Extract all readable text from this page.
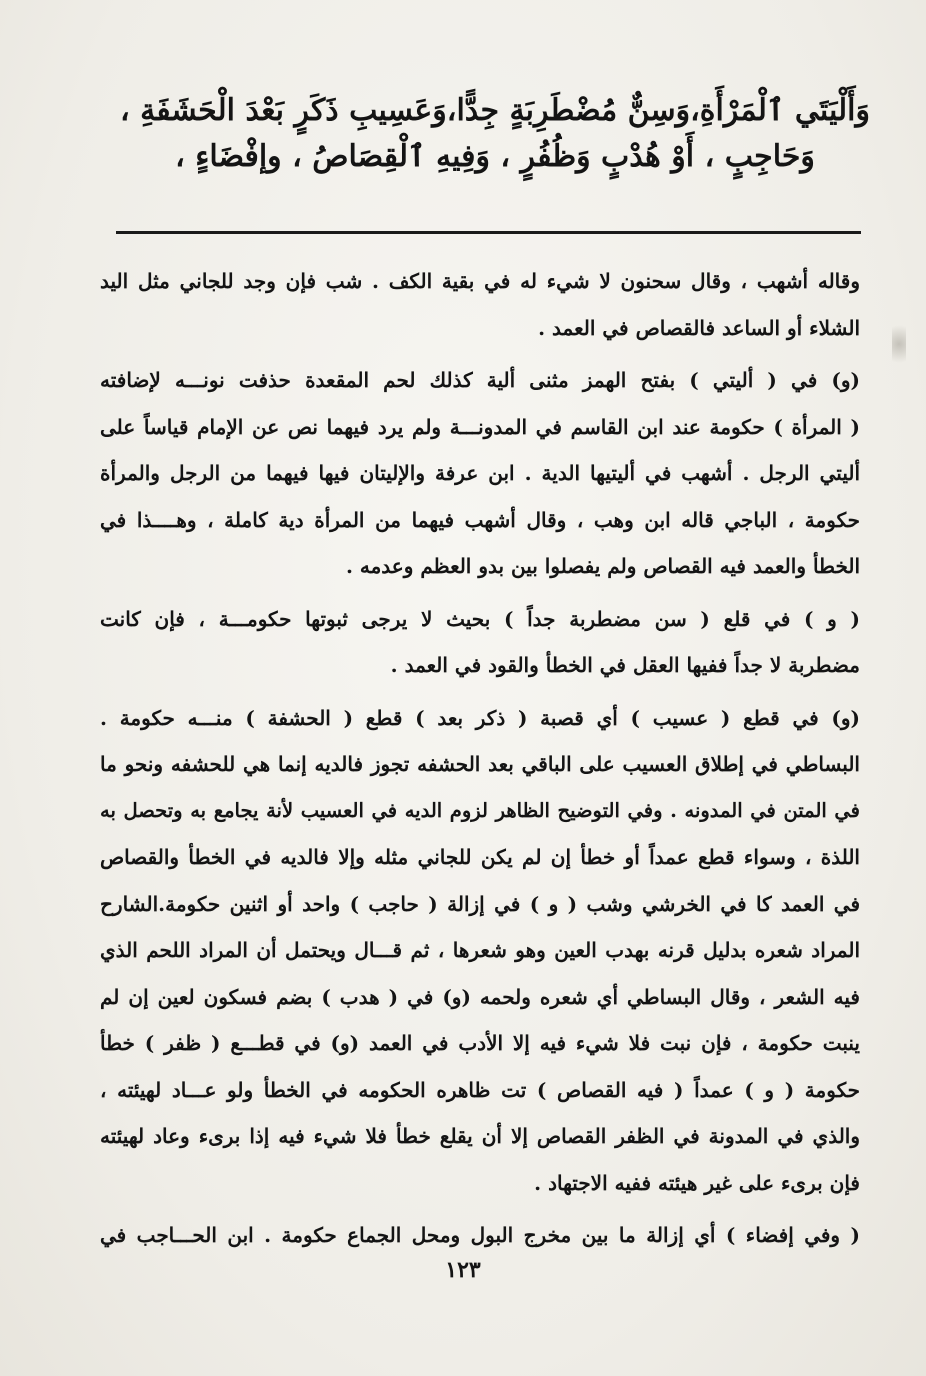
وَأَلْيَتَي ٱلْمَرْأَةِ،وَسِنٌّ مُضْطَرِبَةٍ جِدًّا،وَعَسِيبِ ذَكَرٍ بَعْدَ الْحَشَفَةِ ،
وَحَاجِبٍ ، أَوْ هُدْبٍ وَظُفُرٍ ، وَفِيهِ ٱلْقِصَاصُ ، وإفْضَاءٍ ،
وقاله أشهب ، وقال سحنون لا شيء له في بقية الكف . شب فإن وجد للجاني مثل اليد
الشلاء أو الساعد فالقصاص في العمد .
(و) في ( أليتي ) بفتح الهمز مثنى ألية كذلك لحم المقعدة حذفت نونـــه لإضافته
( المرأة ) حكومة عند ابن القاسم في المدونـــة ولم يرد فيهما نص عن الإمام قياساً على
أليتي الرجل . أشهب في أليتيها الدية . ابن عرفة والإليتان فيها فيهما من الرجل والمرأة
حكومة ، الباجي قاله ابن وهب ، وقال أشهب فيهما من المرأة دية كاملة ، وهــــذا في
الخطأ والعمد فيه القصاص ولم يفصلوا بين بدو العظم وعدمه .
( و ) في قلع ( سن مضطربة جداً ) بحيث لا يرجى ثبوتها حكومـــة ، فإن كانت
مضطربة لا جداً ففيها العقل في الخطأ والقود في العمد .
(و) في قطع ( عسيب ) أي قصبة ( ذكر بعد ) قطع ( الحشفة ) منـــه حكومة .
البساطي في إطلاق العسيب على الباقي بعد الحشفه تجوز فالديه إنما هي للحشفه ونحو ما
في المتن في المدونه . وفي التوضيح الظاهر لزوم الديه في العسيب لأنة يجامع به وتحصل به
اللذة ، وسواء قطع عمداً أو خطأ إن لم يكن للجاني مثله وإلا فالديه في الخطأ والقصاص
في العمد كا في الخرشي وشب ( و ) في إزالة ( حاجب ) واحد أو اثنين حكومة.الشارح
المراد شعره بدليل قرنه بهدب العين وهو شعرها ، ثم قـــال ويحتمل أن المراد اللحم الذي
فيه الشعر ، وقال البساطي أي شعره ولحمه (و) في ( هدب ) بضم فسكون لعين إن لم
ينبت حكومة ، فإن نبت فلا شيء فيه إلا الأدب في العمد (و) في قطـــع ( ظفر ) خطأ
حكومة ( و ) عمداً ( فيه القصاص ) تت ظاهره الحكومه في الخطأ ولو عـــاد لهيئته ،
والذي في المدونة في الظفر القصاص إلا أن يقلع خطأ فلا شيء فيه إذا برىء وعاد لهيئته
فإن برىء على غير هيئته ففيه الاجتهاد .
( وفي إفضاء ) أي إزالة ما بين مخرج البول ومحل الجماع حكومة . ابن الحـــاجب في
١٢٣
